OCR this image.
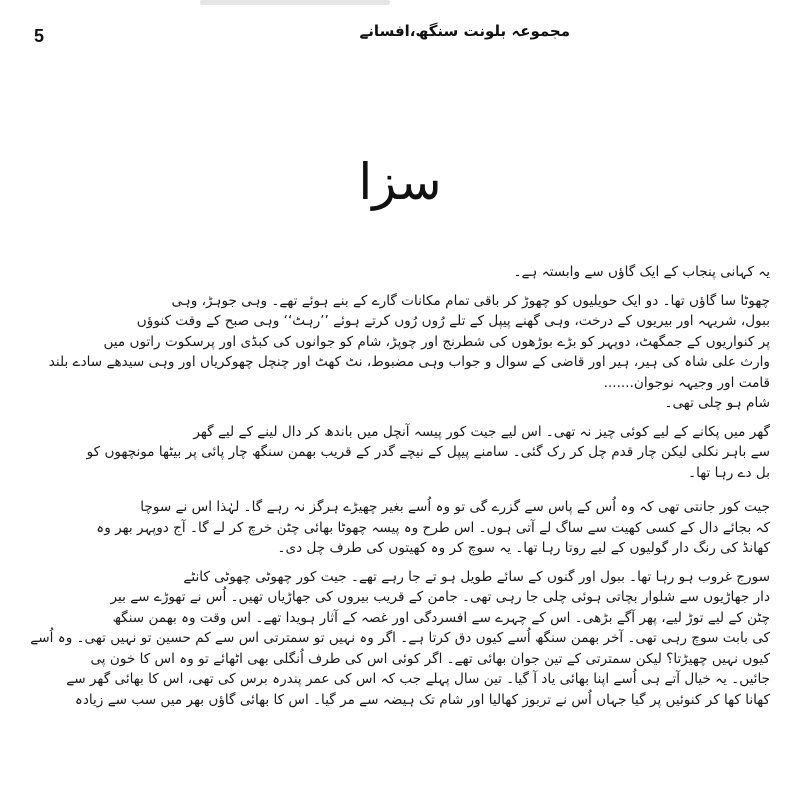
5	مجموعہ بلونت سنگھ،افسانے
سزا
یہ کہانی پنجاب کے ایک گاؤں سے وابستہ ہے۔
چھوٹا سا گاؤں تھا۔ دو ایک حویلیوں کو چھوڑ کر باقی تمام مکانات گارے کے بنے ہوئے تھے۔ وہی جوہڑ، وہی
ببول، شریہہ اور بیریوں کے درخت، وہی گھنے پیپل کے تلے رُوں رُوں کرتے ہوئے ’’رہٹ‘‘ وہی صبح کے وقت کنوؤں
پر کنواریوں کے جمگھٹ، دوپہر کو بڑے بوڑھوں کی شطرنج اور چوپڑ، شام کو جوانوں کی کبڈی اور پرسکوت راتوں میں
وارث علی شاہ کی ہیر، ہیر اور قاضی کے سوال و جواب وہی مضبوط، نٹ کھٹ اور چنچل چھوکریاں اور وہی سیدھے سادے بلند
قامت اور وجیہہ نوجوان.......
شام ہو چلی تھی۔
گھر میں پکانے کے لیے کوئی چیز نہ تھی۔ اس لیے جیت کور پیسہ آنچل میں باندھ کر دال لینے کے لیے گھر
سے باہر نکلی لیکن چار قدم چل کر رک گئی۔ سامنے پیپل کے نیچے گدر کے قریب بھمن سنگھ چار پائی پر بیٹھا مونچھوں کو
بل دے رہا تھا۔
جیت کور جانتی تھی کہ وہ اُس کے پاس سے گزرے گی تو وہ اُسے بغیر چھیڑے ہرگز نہ رہے گا۔ لہٰذا اس نے سوچا
کہ بجائے دال کے کسی کھیت سے ساگ لے آتی ہوں۔ اس طرح وہ پیسہ چھوٹا بھائی چٹن خرچ کر لے گا۔ آج دوپہر بھر وہ
کھانڈ کی رنگ دار گولیوں کے لیے روتا رہا تھا۔ یہ سوچ کر وہ کھیتوں کی طرف چل دی۔
سورج غروب ہو رہا تھا۔ ببول اور گنوں کے سائے طویل ہو تے جا رہے تھے۔ جیت کور چھوٹی چھوٹی کانٹے
دار جھاڑیوں سے شلوار بچاتی ہوئی چلی جا رہی تھی۔ جامن کے قریب بیروں کی جھاڑیاں تھیں۔ اُس نے تھوڑے سے بیر
چٹن کے لیے توڑ لیے، پھر آگے بڑھی۔ اس کے چہرے سے افسردگی اور غصہ کے آثار ہویدا تھے۔ اس وقت وہ بھمن سنگھ
کی بابت سوچ رہی تھی۔ آخر بھمن سنگھ اُسے کیوں دق کرتا ہے۔ اگر وہ نہیں تو سمترتی اس سے کم حسین تو نہیں تھی۔ وہ اُسے
کیوں نہیں چھیڑتا؟ لیکن سمترتی کے تین جوان بھائی تھے۔ اگر کوئی اس کی طرف اُنگلی بھی اٹھائے تو وہ اس کا خون پی
جائیں۔ یہ خیال آتے ہی اُسے اپنا بھائی یاد آ گیا۔ تین سال پہلے جب کہ اس کی عمر پندرہ برس کی تھی، اس کا بھائی گھر سے
کھانا کھا کر کنوئیں پر گیا جہاں اُس نے تربوز کھالیا اور شام تک ہیضہ سے مر گیا۔ اس کا بھائی گاؤں بھر میں سب سے زیادہ
